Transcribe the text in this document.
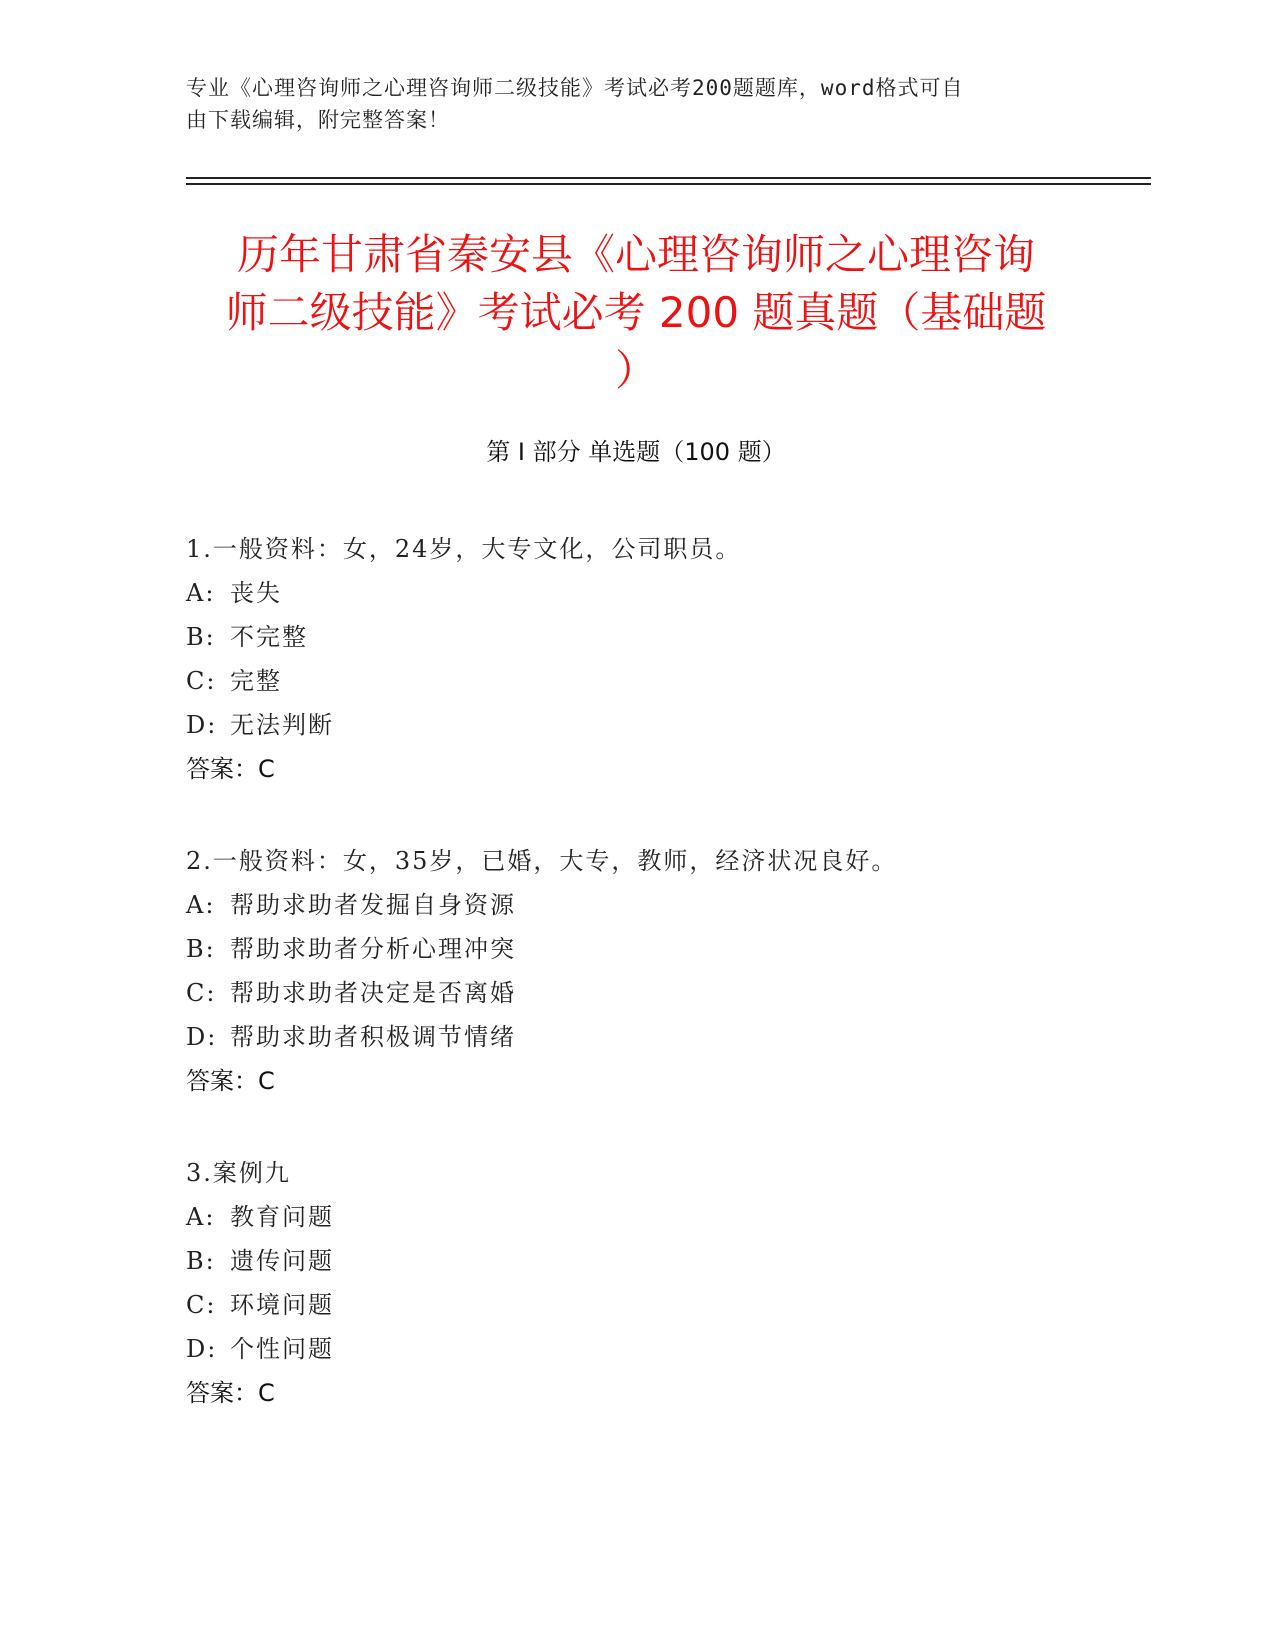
专业《心理咨询师之心理咨询师二级技能》考试必考200题题库，word格式可自
由下载编辑，附完整答案！
历年甘肃省秦安县《心理咨询师之心理咨询
师二级技能》考试必考 200 题真题（基础题
）
第 I 部分 单选题（100 题）
1.一般资料：女，24岁，大专文化，公司职员。
A: 丧失
B: 不完整
C: 完整
D: 无法判断
答案：C
2.一般资料：女，35岁，已婚，大专，教师，经济状况良好。
A: 帮助求助者发掘自身资源
B: 帮助求助者分析心理冲突
C: 帮助求助者决定是否离婚
D: 帮助求助者积极调节情绪
答案：C
3.案例九
A: 教育问题
B: 遗传问题
C: 环境问题
D: 个性问题
答案：C
